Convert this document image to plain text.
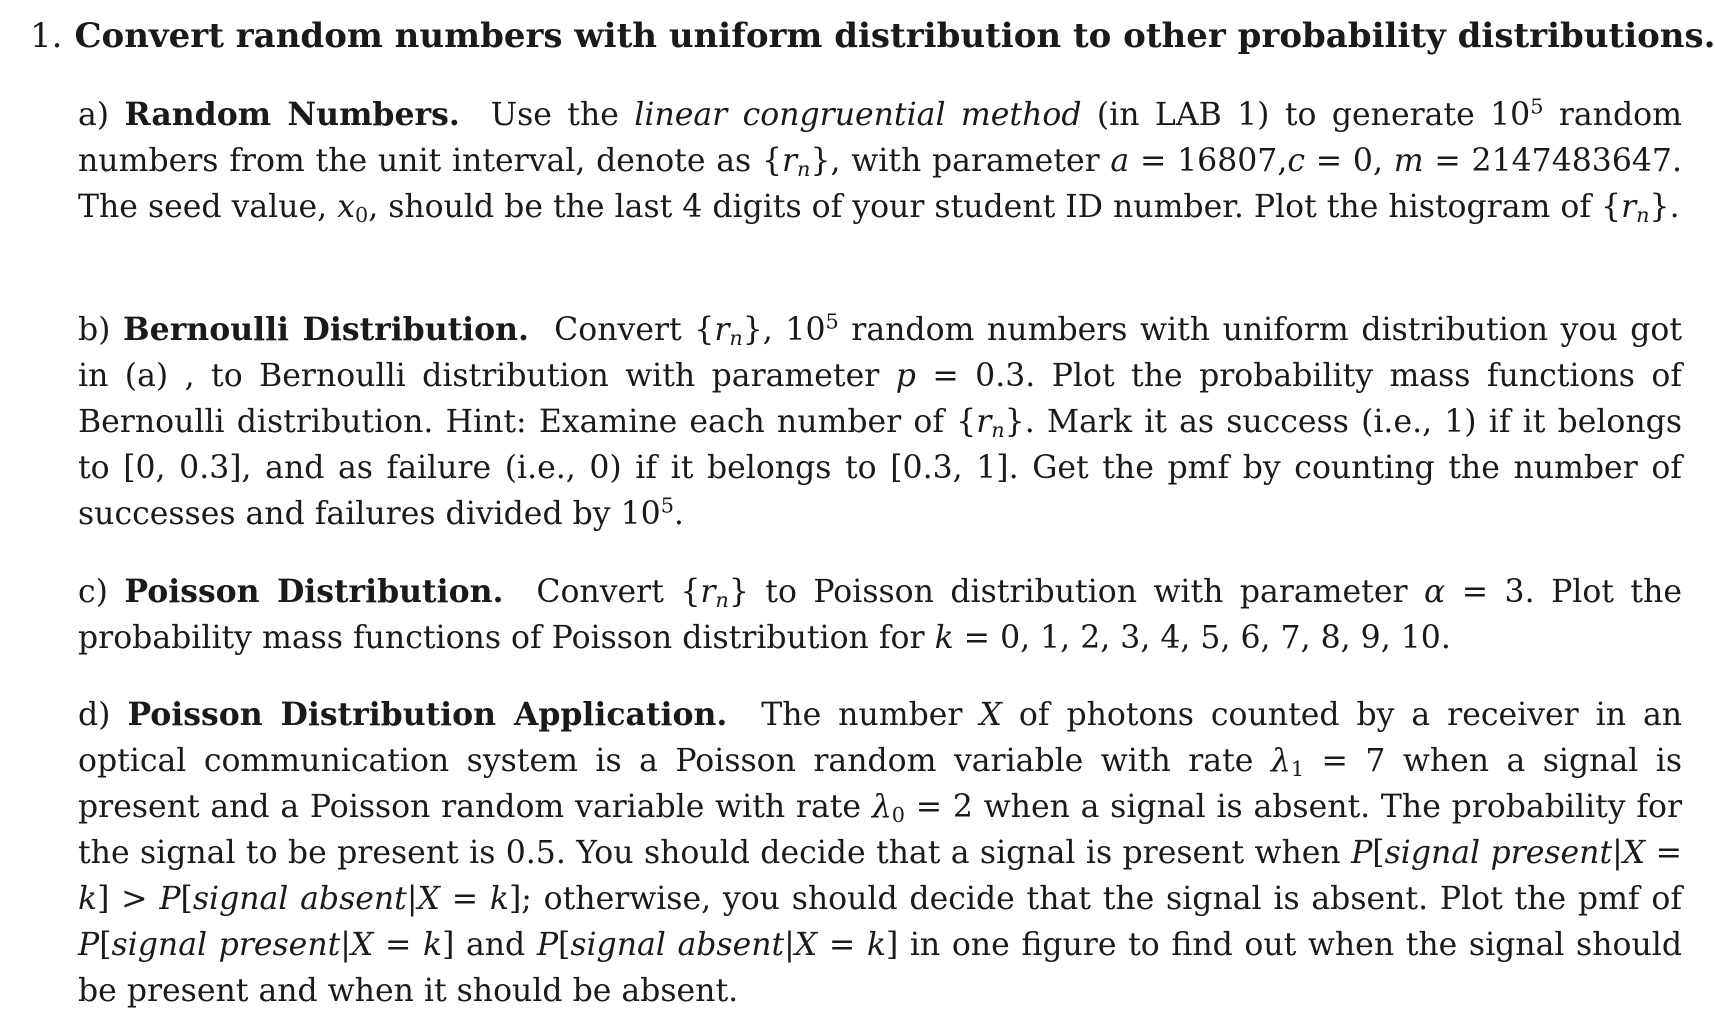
1. Convert random numbers with uniform distribution to other probability distributions.
a) Random Numbers. Use the linear congruential method (in LAB 1) to generate $10^5$ random numbers from the unit interval, denote as $\{r_n\}$, with parameter a = 16807,c = 0, m = 2147483647. The seed value, $x_0$, should be the last 4 digits of your student ID number. Plot the histogram of $\{r_n\}$.
b) Bernoulli Distribution. Convert $\{r_n\}$, $10^5$ random numbers with uniform distribution you got in (a) , to Bernoulli distribution with parameter p = 0.3. Plot the probability mass functions of Bernoulli distribution. Hint: Examine each number of $\{r_n\}$. Mark it as success (i.e., 1) if it belongs to [0, 0.3], and as failure (i.e., 0) if it belongs to [0.3, 1]. Get the pmf by counting the number of successes and failures divided by $10^5$.
c) Poisson Distribution. Convert $\{r_n\}$ to Poisson distribution with parameter α = 3. Plot the probability mass functions of Poisson distribution for k = 0, 1, 2, 3, 4, 5, 6, 7, 8, 9, 10.
d) Poisson Distribution Application. The number X of photons counted by a receiver in an optical communication system is a Poisson random variable with rate $\lambda_1 = 7$ when a signal is present and a Poisson random variable with rate $\lambda_0 = 2$ when a signal is absent. The probability for the signal to be present is 0.5. You should decide that a signal is present when P[signal present|X = k] > P[signal absent|X = k]; otherwise, you should decide that the signal is absent. Plot the pmf of P[signal present|X = k] and P[signal absent|X = k] in one figure to find out when the signal should be present and when it should be absent.
